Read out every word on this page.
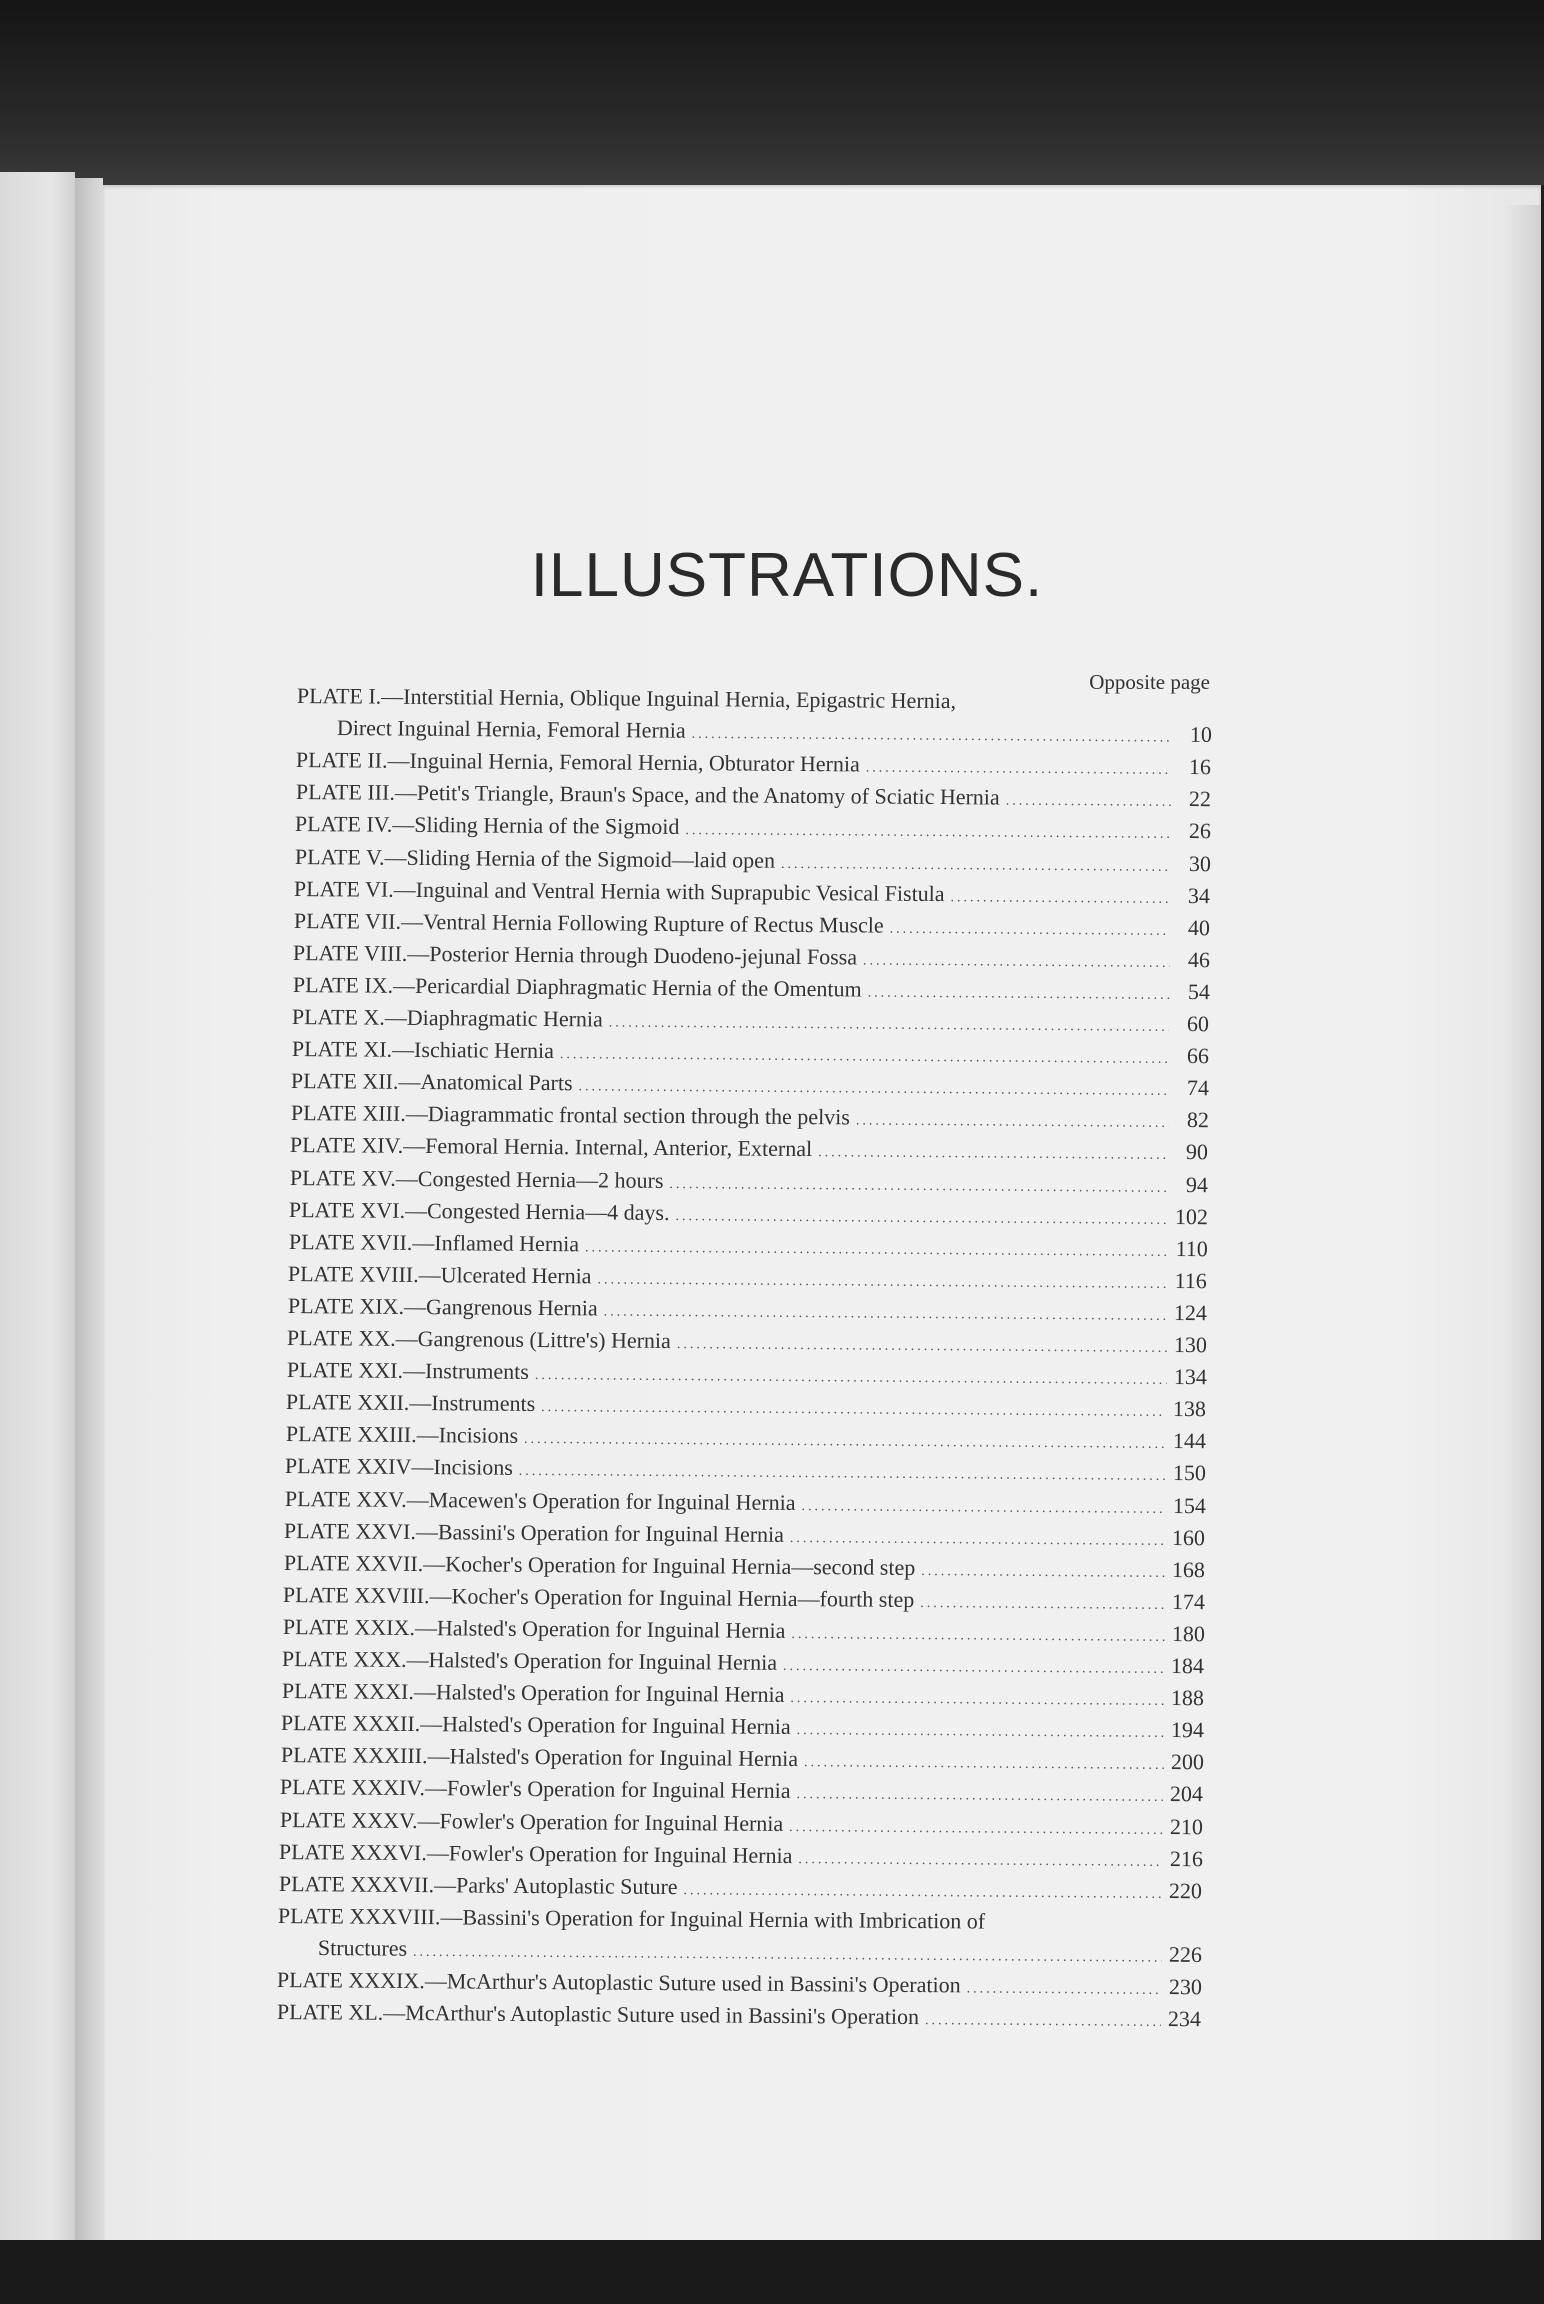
ILLUSTRATIONS.
Opposite page
PLATE I.—Interstitial Hernia, Oblique Inguinal Hernia, Epigastric Hernia,
Direct Inguinal Hernia, Femoral Hernia .....	10
PLATE II.—Inguinal Hernia, Femoral Hernia, Obturator Hernia .....	16
PLATE III.—Petit's Triangle, Braun's Space, and the Anatomy of Sciatic Hernia .....	22
PLATE IV.—Sliding Hernia of the Sigmoid .....	26
PLATE V.—Sliding Hernia of the Sigmoid—laid open .....	30
PLATE VI.—Inguinal and Ventral Hernia with Suprapubic Vesical Fistula .....	34
PLATE VII.—Ventral Hernia Following Rupture of Rectus Muscle .....	40
PLATE VIII.—Posterior Hernia through Duodeno-jejunal Fossa .....	46
PLATE IX.—Pericardial Diaphragmatic Hernia of the Omentum .....	54
PLATE X.—Diaphragmatic Hernia .....	60
PLATE XI.—Ischiatic Hernia .....	66
PLATE XII.—Anatomical Parts .....	74
PLATE XIII.—Diagrammatic frontal section through the pelvis .....	82
PLATE XIV.—Femoral Hernia. Internal, Anterior, External .....	90
PLATE XV.—Congested Hernia—2 hours .....	94
PLATE XVI.—Congested Hernia—4 days. .....	102
PLATE XVII.—Inflamed Hernia .....	110
PLATE XVIII.—Ulcerated Hernia .....	116
PLATE XIX.—Gangrenous Hernia .....	124
PLATE XX.—Gangrenous (Littre's) Hernia .....	130
PLATE XXI.—Instruments .....	134
PLATE XXII.—Instruments .....	138
PLATE XXIII.—Incisions .....	144
PLATE XXIV—Incisions .....	150
PLATE XXV.—Macewen's Operation for Inguinal Hernia .....	154
PLATE XXVI.—Bassini's Operation for Inguinal Hernia .....	160
PLATE XXVII.—Kocher's Operation for Inguinal Hernia—second step .....	168
PLATE XXVIII.—Kocher's Operation for Inguinal Hernia—fourth step .....	174
PLATE XXIX.—Halsted's Operation for Inguinal Hernia .....	180
PLATE XXX.—Halsted's Operation for Inguinal Hernia .....	184
PLATE XXXI.—Halsted's Operation for Inguinal Hernia .....	188
PLATE XXXII.—Halsted's Operation for Inguinal Hernia .....	194
PLATE XXXIII.—Halsted's Operation for Inguinal Hernia .....	200
PLATE XXXIV.—Fowler's Operation for Inguinal Hernia .....	204
PLATE XXXV.—Fowler's Operation for Inguinal Hernia .....	210
PLATE XXXVI.—Fowler's Operation for Inguinal Hernia .....	216
PLATE XXXVII.—Parks' Autoplastic Suture .....	220
PLATE XXXVIII.—Bassini's Operation for Inguinal Hernia with Imbrication of
Structures .....	226
PLATE XXXIX.—McArthur's Autoplastic Suture used in Bassini's Operation .....	230
PLATE XL.—McArthur's Autoplastic Suture used in Bassini's Operation .....	234
